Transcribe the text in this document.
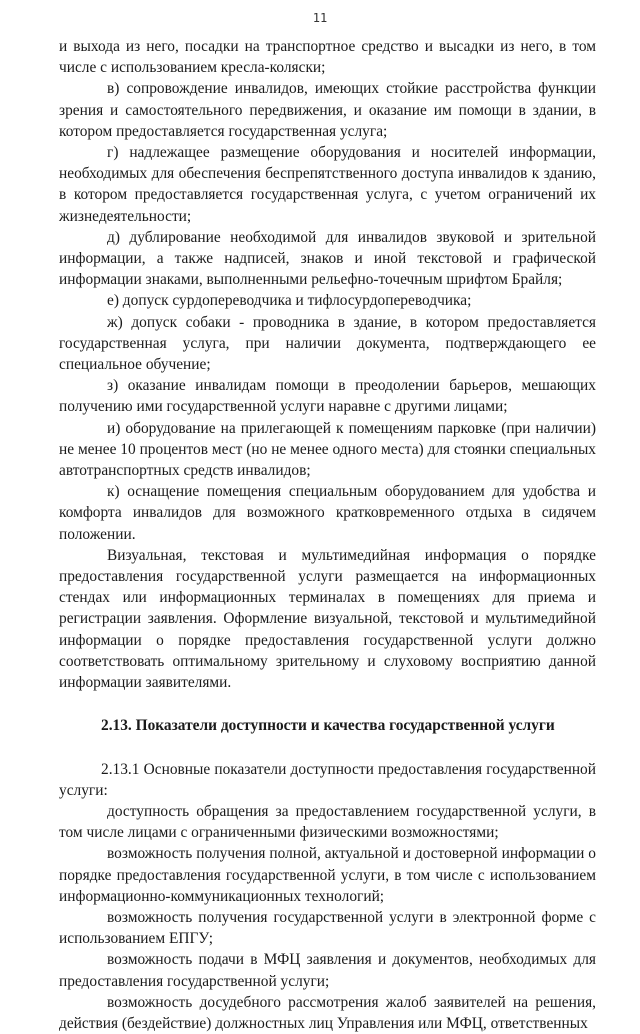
11

и выхода из него, посадки на транспортное средство и высадки из него, в том числе с использованием кресла-коляски;

в) сопровождение инвалидов, имеющих стойкие расстройства функции зрения и самостоятельного передвижения, и оказание им помощи в здании, в котором предоставляется государственная услуга;

г) надлежащее размещение оборудования и носителей информации, необходимых для обеспечения беспрепятственного доступа инвалидов к зданию, в котором предоставляется государственная услуга, с учетом ограничений их жизнедеятельности;

д) дублирование необходимой для инвалидов звуковой и зрительной информации, а также надписей, знаков и иной текстовой и графической информации знаками, выполненными рельефно-точечным шрифтом Брайля;

е) допуск сурдопереводчика и тифлосурдопереводчика;

ж) допуск собаки - проводника в здание, в котором предоставляется государственная услуга, при наличии документа, подтверждающего ее специальное обучение;

з) оказание инвалидам помощи в преодолении барьеров, мешающих получению ими государственной услуги наравне с другими лицами;

и) оборудование на прилегающей к помещениям парковке (при наличии) не менее 10 процентов мест (но не менее одного места) для стоянки специальных автотранспортных средств инвалидов;

к) оснащение помещения специальным оборудованием для удобства и комфорта инвалидов для возможного кратковременного отдыха в сидячем положении.

Визуальная, текстовая и мультимедийная информация о порядке предоставления государственной услуги размещается на информационных стендах или информационных терминалах в помещениях для приема и регистрации заявления. Оформление визуальной, текстовой и мультимедийной информации о порядке предоставления государственной услуги должно соответствовать оптимальному зрительному и слуховому восприятию данной информации заявителями.

2.13. Показатели доступности и качества государственной услуги

2.13.1 Основные показатели доступности предоставления государственной услуги:

доступность обращения за предоставлением государственной услуги, в том числе лицами с ограниченными физическими возможностями;

возможность получения полной, актуальной и достоверной информации о порядке предоставления государственной услуги, в том числе с использованием информационно-коммуникационных технологий;

возможность получения государственной услуги в электронной форме с использованием ЕПГУ;

возможность подачи в МФЦ заявления и документов, необходимых для предоставления государственной услуги;

возможность досудебного рассмотрения жалоб заявителей на решения, действия (бездействие) должностных лиц Управления или МФЦ, ответственных
